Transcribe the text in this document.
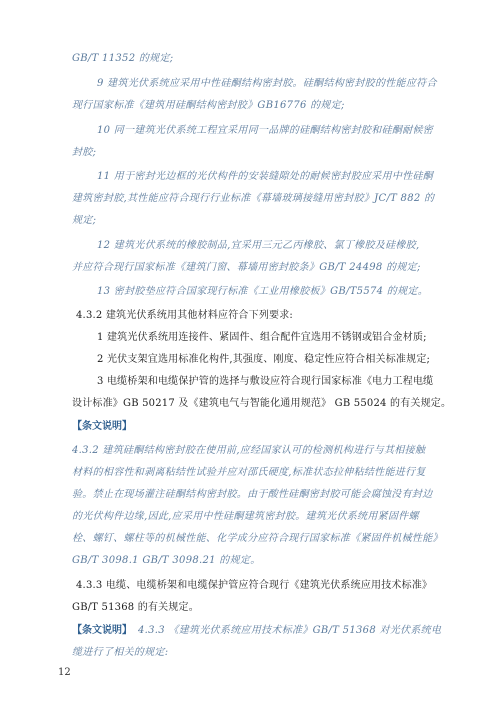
GB/T 11352 的规定;
9 建筑光伏系统应采用中性硅酮结构密封胶。硅酮结构密封胶的性能应符合
现行国家标准《建筑用硅酮结构密封胶》GB16776 的规定;
10 同一建筑光伏系统工程宜采用同一品牌的硅酮结构密封胶和硅酮耐候密
封胶;
11 用于密封光边框的光伏构件的安装缝隙处的耐候密封胶应采用中性硅酮
建筑密封胶,其性能应符合现行行业标准《幕墙玻璃接缝用密封胶》JC/T 882 的
规定;
12 建筑光伏系统的橡胶制品,宜采用三元乙丙橡胶、氯丁橡胶及硅橡胶,
并应符合现行国家标准《建筑门窗、幕墙用密封胶条》GB/T 24498 的规定;
13 密封胶垫应符合国家现行标准《工业用橡胶板》GB/T5574 的规定。
4.3.2 建筑光伏系统用其他材料应符合下列要求:
1 建筑光伏系统用连接件、紧固件、组合配件宜选用不锈钢或铝合金材质;
2 光伏支架宜选用标准化构件,其强度、刚度、稳定性应符合相关标准规定;
3 电缆桥架和电缆保护管的选择与敷设应符合现行国家标准《电力工程电缆
设计标准》GB 50217 及《建筑电气与智能化通用规范》 GB 55024 的有关规定。
【条文说明】
4.3.2 建筑硅酮结构密封胶在使用前,应经国家认可的检测机构进行与其相接触
材料的相容性和剥离粘结性试验并应对邵氏硬度,标准状态拉伸粘结性能进行复
验。禁止在现场灌注硅酮结构密封胶。由于酸性硅酮密封胶可能会腐蚀没有封边
的光伏构件边缘,因此,应采用中性硅酮建筑密封胶。建筑光伏系统用紧固件螺
栓、螺钉、螺柱等的机械性能、化学成分应符合现行国家标准《紧固件机械性能》
GB/T 3098.1 GB/T 3098.21 的规定。
4.3.3 电缆、电缆桥架和电缆保护管应符合现行《建筑光伏系统应用技术标准》
GB/T 51368 的有关规定。
4.3.3 《建筑光伏系统应用技术标准》GB/T 51368 对光伏系统电
缆进行了相关的规定:
【条文说明】
12
